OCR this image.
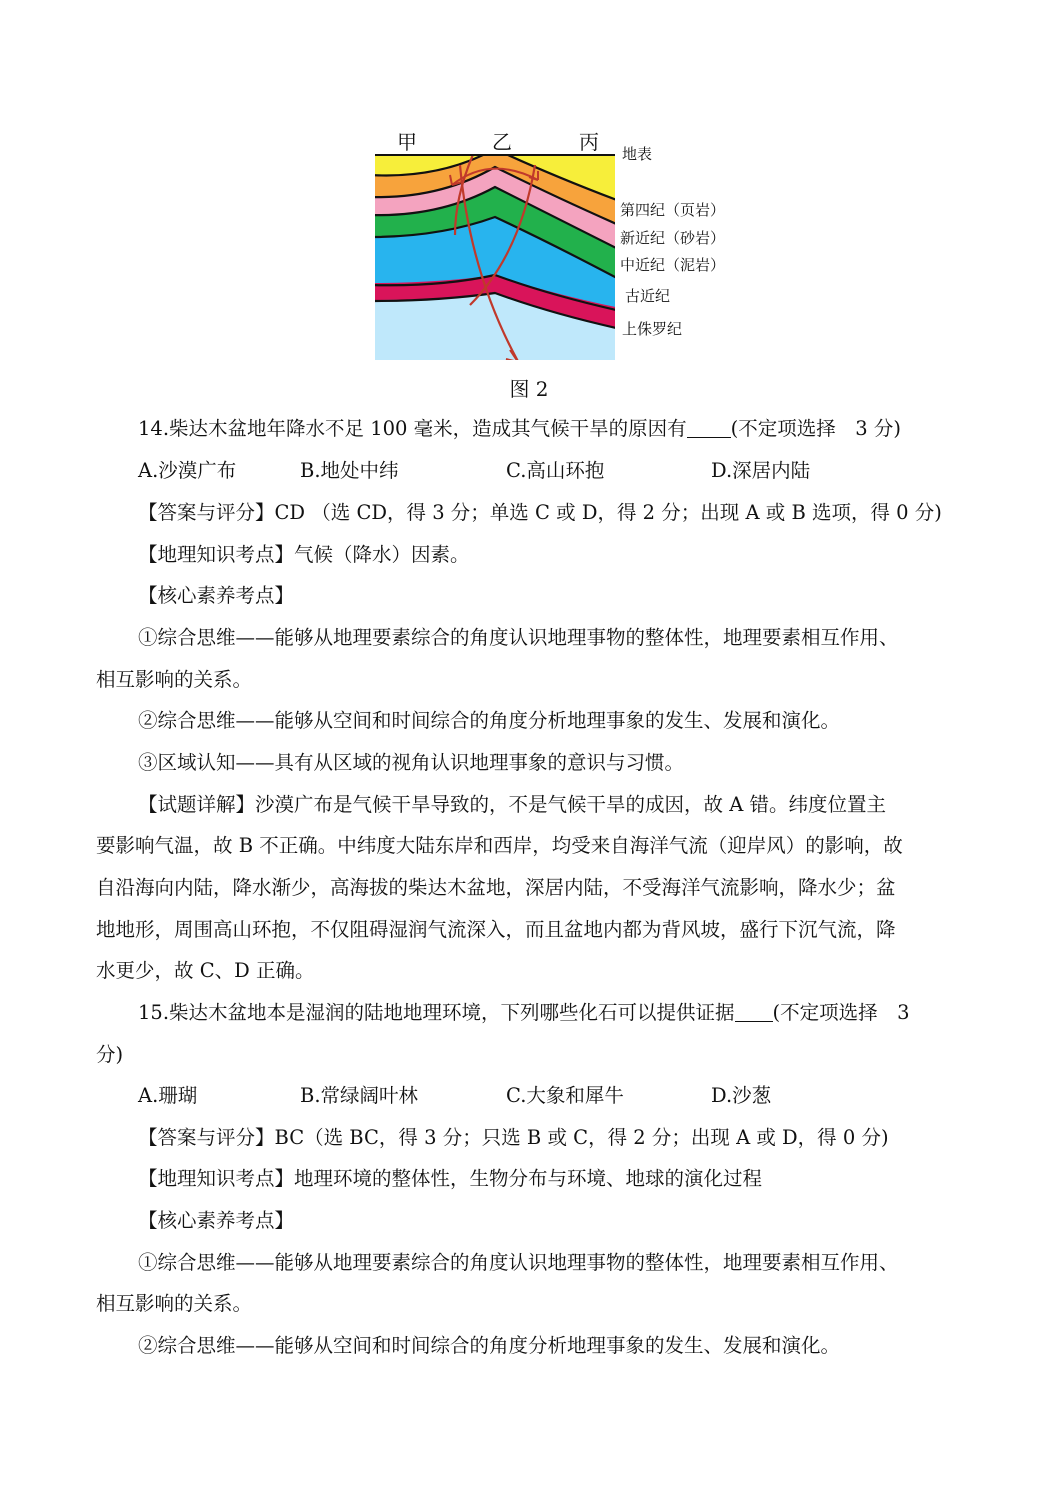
甲	乙	丙 地表
第四纪（页岩）
新近纪（砂岩）
中近纪（泥岩）
古近纪
上侏罗纪
图 2
14.柴达木盆地年降水不足 100 毫米，造成其气候干旱的原因有 (不定项选择　3 分)
A.沙漠广布	B.地处中纬	C.高山环抱	D.深居内陆
【答案与评分】CD （选 CD，得 3 分；单选 C 或 D，得 2 分；出现 A 或 B 选项，得 0 分)
【地理知识考点】气候（降水）因素。
【核心素养考点】
①综合思维——能够从地理要素综合的角度认识地理事物的整体性，地理要素相互作用、
相互影响的关系。
②综合思维——能够从空间和时间综合的角度分析地理事象的发生、发展和演化。
③区域认知——具有从区域的视角认识地理事象的意识与习惯。
【试题详解】沙漠广布是气候干旱导致的，不是气候干旱的成因，故 A 错。纬度位置主
要影响气温，故 B 不正确。中纬度大陆东岸和西岸，均受来自海洋气流（迎岸风）的影响，故
自沿海向内陆，降水渐少，高海拔的柴达木盆地，深居内陆，不受海洋气流影响，降水少；盆
地地形，周围高山环抱，不仅阻碍湿润气流深入，而且盆地内都为背风坡，盛行下沉气流，降
水更少，故 C、D 正确。
15.柴达木盆地本是湿润的陆地地理环境，下列哪些化石可以提供证据 (不定项选择　3
分)
A.珊瑚	B.常绿阔叶林	C.大象和犀牛	D.沙葱
【答案与评分】BC（选 BC，得 3 分；只选 B 或 C，得 2 分；出现 A 或 D，得 0 分)
【地理知识考点】地理环境的整体性，生物分布与环境、地球的演化过程
【核心素养考点】
①综合思维——能够从地理要素综合的角度认识地理事物的整体性，地理要素相互作用、
相互影响的关系。
②综合思维——能够从空间和时间综合的角度分析地理事象的发生、发展和演化。
